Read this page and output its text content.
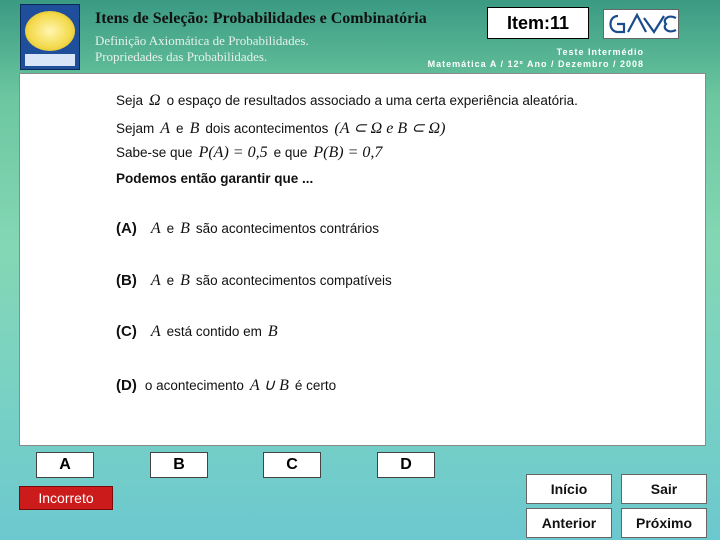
Itens de Seleção: Probabilidades e Combinatória
Definição Axiomática de Probabilidades.
Propriedades das Probabilidades.
Item:11
Teste Intermédio
Matemática A / 12º Ano / Dezembro / 2008

Seja Ω o espaço de resultados associado a uma certa experiência aleatória.

Sejam A e B dois acontecimentos (A ⊂ Ω e B ⊂ Ω)

Sabe-se que P(A) = 0,5 e que P(B) = 0,7

Podemos então garantir que ...

(A) A e B são acontecimentos contrários

(B) A e B são acontecimentos compatíveis

(C) A está contido em B

(D) o acontecimento A ∪ B é certo

A	B	C	D
Incorreto
Início	Sair
Anterior	Próximo
